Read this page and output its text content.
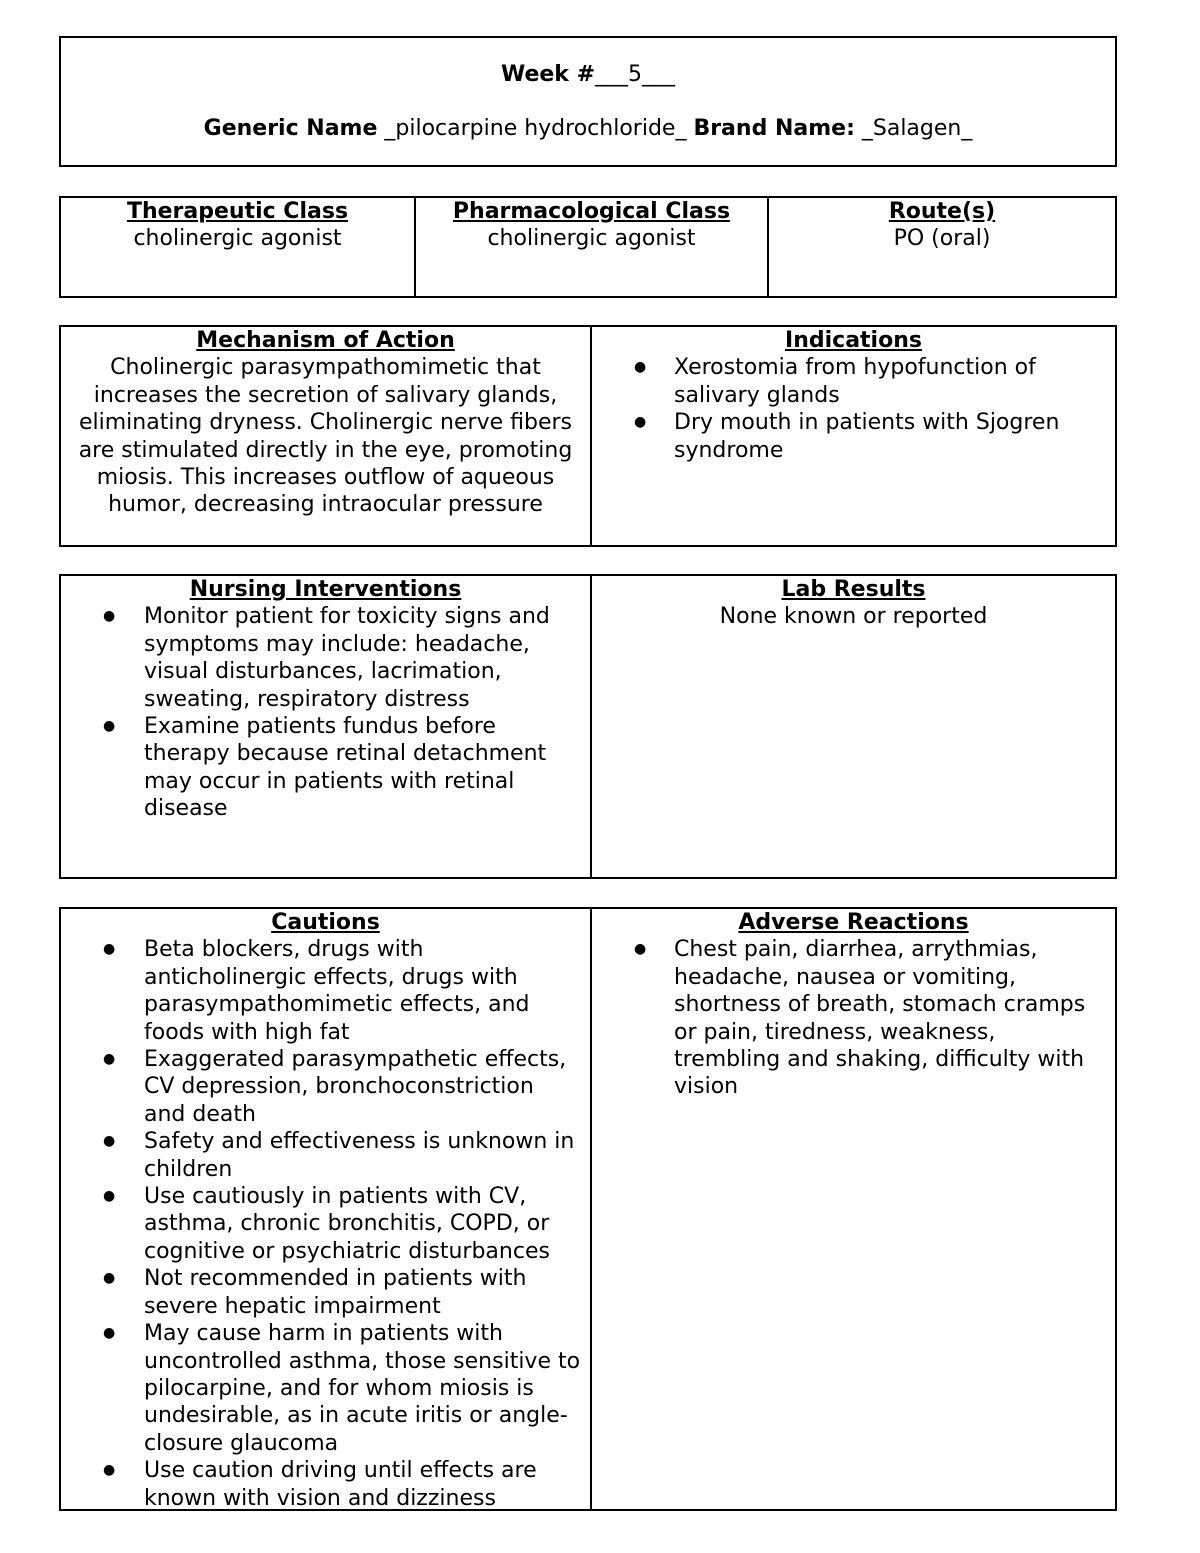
Week #___5___

Generic Name _pilocarpine hydrochloride_ Brand Name: _Salagen_

Therapeutic Class
cholinergic agonist
Pharmacological Class
cholinergic agonist
Route(s)
PO (oral)
Mechanism of Action
Cholinergic parasympathomimetic that increases the secretion of salivary glands, eliminating dryness. Cholinergic nerve fibers are stimulated directly in the eye, promoting miosis. This increases outflow of aqueous humor, decreasing intraocular pressure
Indications
● Xerostomia from hypofunction of salivary glands
● Dry mouth in patients with Sjogren syndrome
Nursing Interventions
● Monitor patient for toxicity signs and symptoms may include: headache, visual disturbances, lacrimation, sweating, respiratory distress
● Examine patients fundus before therapy because retinal detachment may occur in patients with retinal disease
Lab Results
None known or reported
Cautions
● Beta blockers, drugs with anticholinergic effects, drugs with parasympathomimetic effects, and foods with high fat
● Exaggerated parasympathetic effects, CV depression, bronchoconstriction and death
● Safety and effectiveness is unknown in children
● Use cautiously in patients with CV, asthma, chronic bronchitis, COPD, or cognitive or psychiatric disturbances
● Not recommended in patients with severe hepatic impairment
● May cause harm in patients with uncontrolled asthma, those sensitive to pilocarpine, and for whom miosis is undesirable, as in acute iritis or angle-closure glaucoma
● Use caution driving until effects are known with vision and dizziness
Adverse Reactions
● Chest pain, diarrhea, arrythmias, headache, nausea or vomiting, shortness of breath, stomach cramps or pain, tiredness, weakness, trembling and shaking, difficulty with vision
